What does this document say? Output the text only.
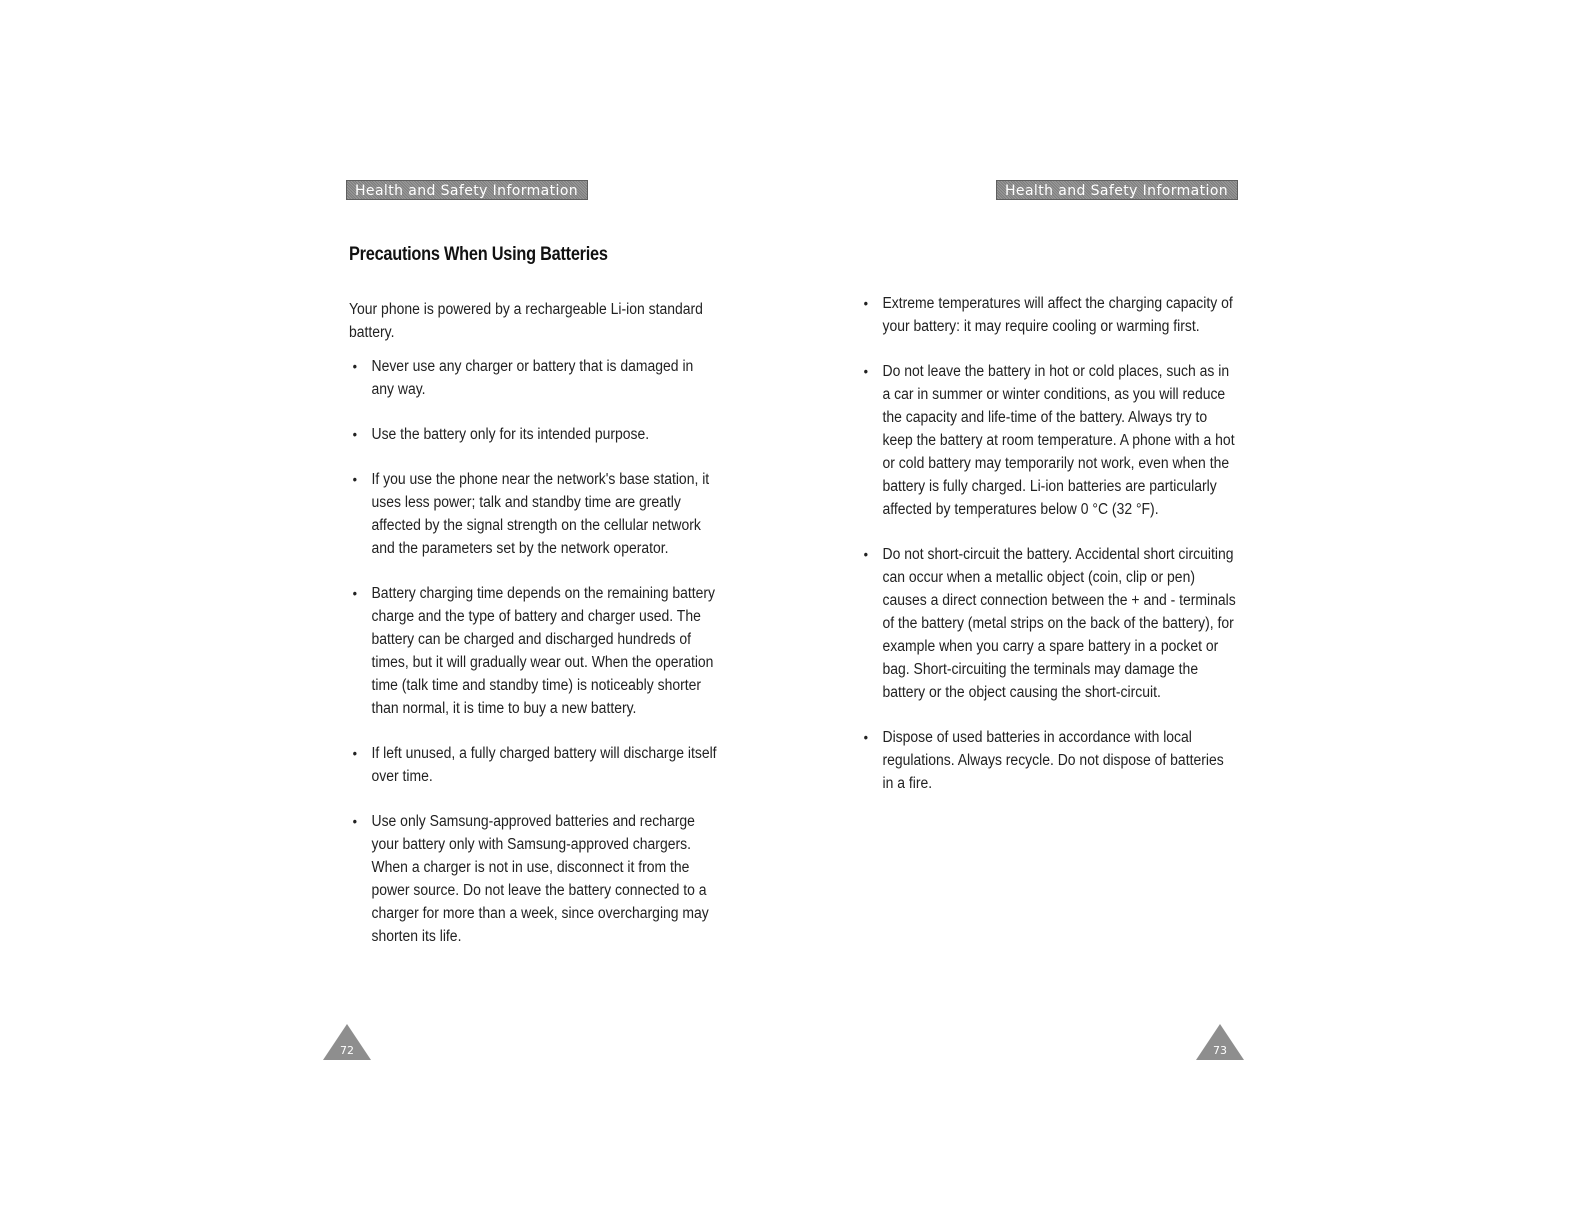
Health and Safety Information
Precautions When Using Batteries

Your phone is powered by a rechargeable Li-ion standard battery.

• Never use any charger or battery that is damaged in any way.
• Use the battery only for its intended purpose.
• If you use the phone near the network's base station, it uses less power; talk and standby time are greatly affected by the signal strength on the cellular network and the parameters set by the network operator.
• Battery charging time depends on the remaining battery charge and the type of battery and charger used. The battery can be charged and discharged hundreds of times, but it will gradually wear out. When the operation time (talk time and standby time) is noticeably shorter than normal, it is time to buy a new battery.
• If left unused, a fully charged battery will discharge itself over time.
• Use only Samsung-approved batteries and recharge your battery only with Samsung-approved chargers. When a charger is not in use, disconnect it from the power source. Do not leave the battery connected to a charger for more than a week, since overcharging may shorten its life.
72
Health and Safety Information
• Extreme temperatures will affect the charging capacity of your battery: it may require cooling or warming first.
• Do not leave the battery in hot or cold places, such as in a car in summer or winter conditions, as you will reduce the capacity and life-time of the battery. Always try to keep the battery at room temperature. A phone with a hot or cold battery may temporarily not work, even when the battery is fully charged. Li-ion batteries are particularly affected by temperatures below 0 °C (32 °F).
• Do not short-circuit the battery. Accidental short circuiting can occur when a metallic object (coin, clip or pen) causes a direct connection between the + and - terminals of the battery (metal strips on the back of the battery), for example when you carry a spare battery in a pocket or bag. Short-circuiting the terminals may damage the battery or the object causing the short-circuit.
• Dispose of used batteries in accordance with local regulations. Always recycle. Do not dispose of batteries in a fire.
73
